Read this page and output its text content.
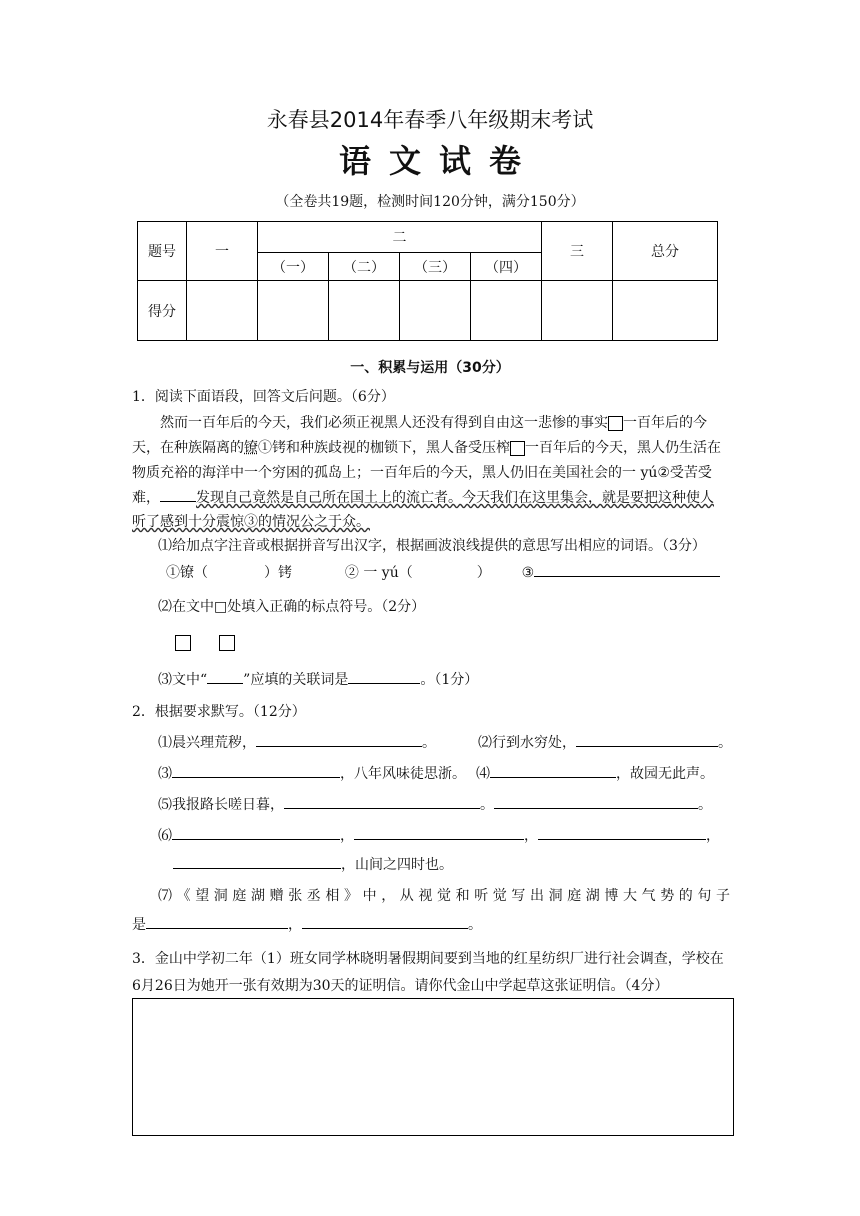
永春县2014年春季八年级期末考试
语文试卷
（全卷共19题，检测时间120分钟，满分150分）
题号	一	二				三	总分
		（一）	（二）	（三）	（四）		
得分							
一、积累与运用（30分）
1．阅读下面语段，回答文后问题。（6分）
然而一百年后的今天，我们必须正视黑人还没有得到自由这一悲惨的事实 一百年后的今
天，在种族隔离的镣①铐和种族歧视的枷锁下，黑人备受压榨 一百年后的今天，黑人仍生活在
物质充裕的海洋中一个穷困的孤岛上；一百年后的今天，黑人仍旧在美国社会的一 yú②受苦受
难，	发现自己竟然是自己所在国土上的流亡者。今天我们在这里集会，就是要把这种使人
听了感到十分震惊③的情况公之于众。
⑴给加点字注音或根据拼音写出汉字，根据画波浪线提供的意思写出相应的词语。（3分）
①镣（	）铐	② 一 yú（	） ③
⑵在文中□处填入正确的标点符号。（2分）
⑶文中“	”应填的关联词是	。（1分）
2．根据要求默写。（12分）
⑴晨兴理荒秽，	。	⑵行到水穷处，	。
⑶	，八年风味徒思浙。 ⑷	，故园无此声。
⑸我报路长嗟日暮，	。	。
⑹	，	，	，
，山间之四时也。
⑺《望洞庭湖赠张丞相》中，从视觉和听觉写出洞庭湖博大气势的句子
是	，	。
3．金山中学初二年（1）班女同学林晓明暑假期间要到当地的红星纺织厂进行社会调查，学校在
6月26日为她开一张有效期为30天的证明信。请你代金山中学起草这张证明信。（4分）
